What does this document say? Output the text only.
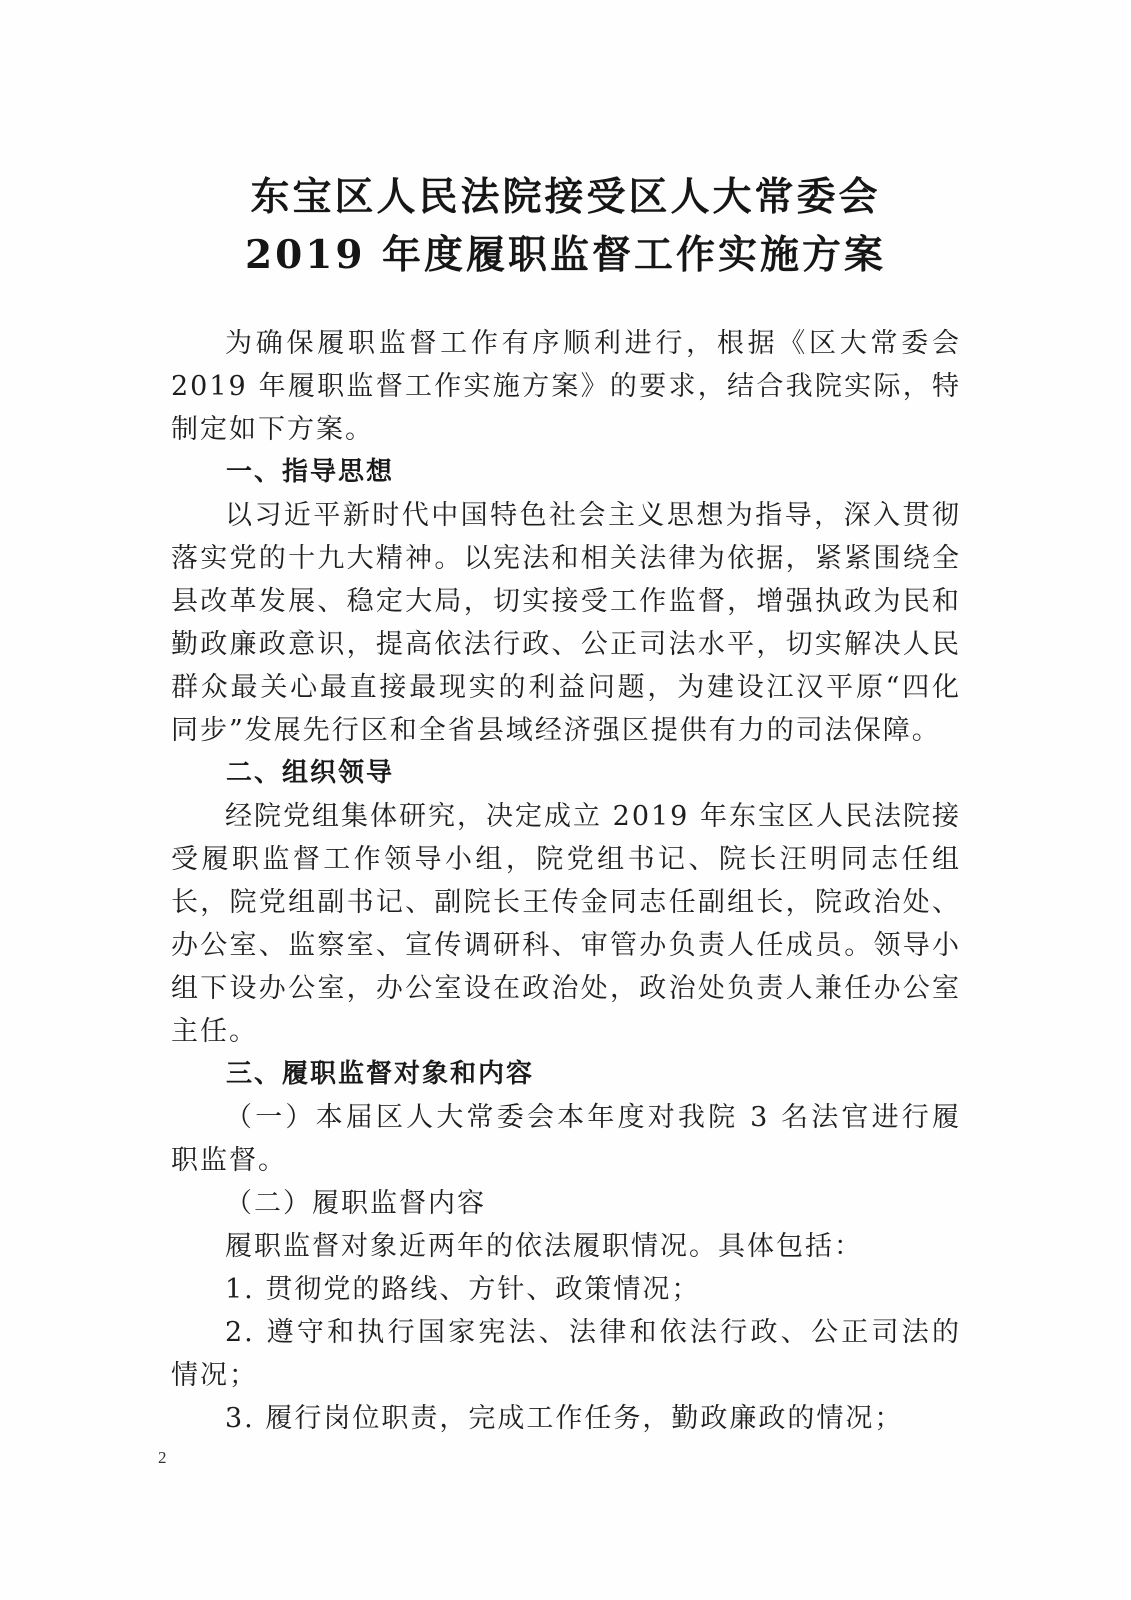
东宝区人民法院接受区人大常委会
2019 年度履职监督工作实施方案

为确保履职监督工作有序顺利进行，根据《区大常委会2019 年履职监督工作实施方案》的要求，结合我院实际，特制定如下方案。

一、指导思想

以习近平新时代中国特色社会主义思想为指导，深入贯彻落实党的十九大精神。以宪法和相关法律为依据，紧紧围绕全县改革发展、稳定大局，切实接受工作监督，增强执政为民和勤政廉政意识，提高依法行政、公正司法水平，切实解决人民群众最关心最直接最现实的利益问题，为建设江汉平原“四化同步”发展先行区和全省县域经济强区提供有力的司法保障。

二、组织领导

经院党组集体研究，决定成立 2019 年东宝区人民法院接受履职监督工作领导小组，院党组书记、院长汪明同志任组长，院党组副书记、副院长王传金同志任副组长，院政治处、办公室、监察室、宣传调研科、审管办负责人任成员。领导小组下设办公室，办公室设在政治处，政治处负责人兼任办公室主任。

三、履职监督对象和内容

（一）本届区人大常委会本年度对我院 3 名法官进行履职监督。

（二）履职监督内容

履职监督对象近两年的依法履职情况。具体包括：

1. 贯彻党的路线、方针、政策情况；

2. 遵守和执行国家宪法、法律和依法行政、公正司法的情况；

3. 履行岗位职责，完成工作任务，勤政廉政的情况；

2
